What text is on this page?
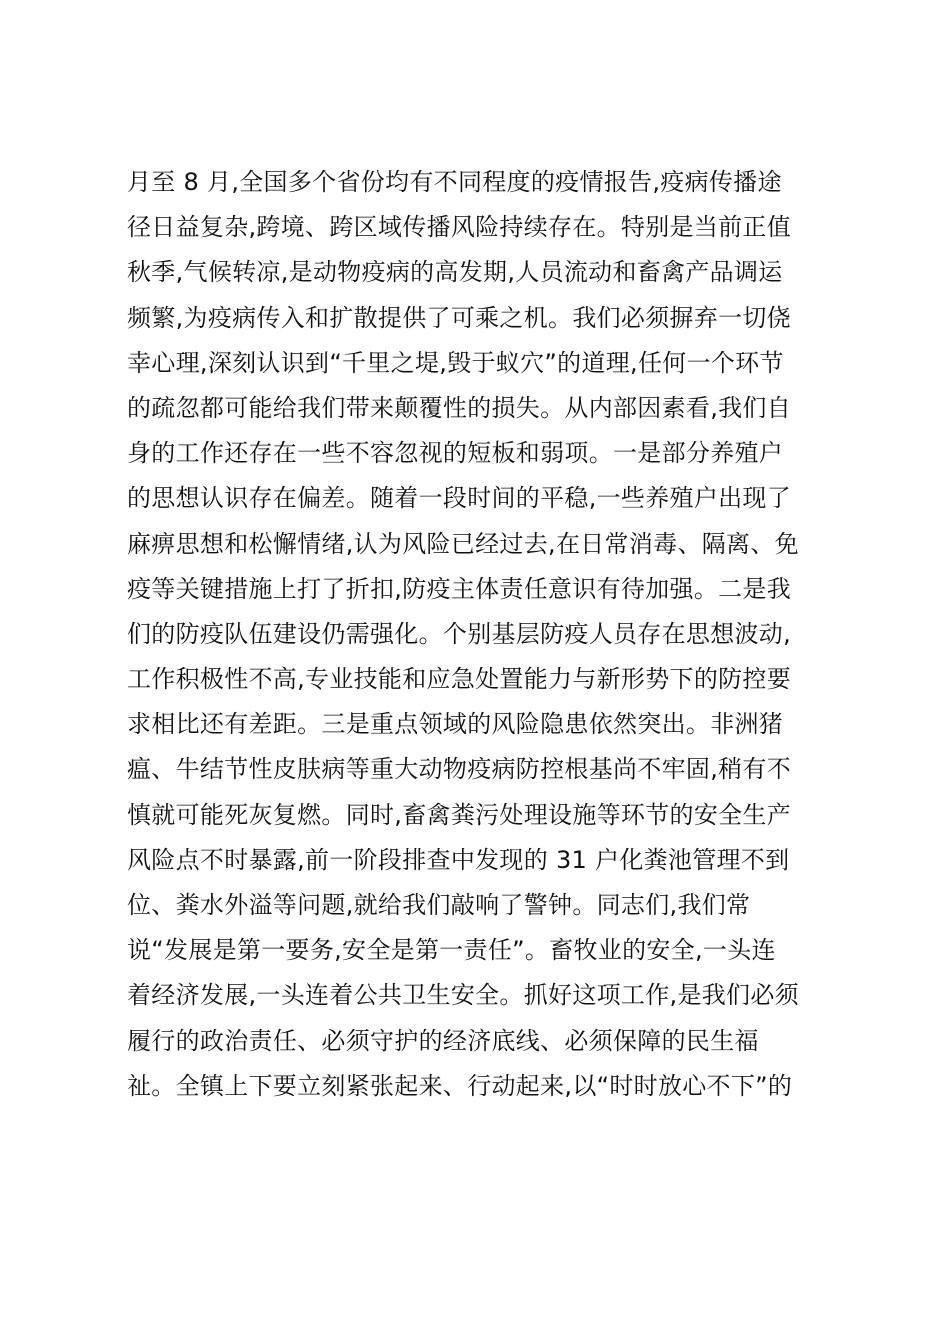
月至 8 月,全国多个省份均有不同程度的疫情报告,疫病传播途
径日益复杂,跨境、跨区域传播风险持续存在。特别是当前正值
秋季,气候转凉,是动物疫病的高发期,人员流动和畜禽产品调运
频繁,为疫病传入和扩散提供了可乘之机。我们必须摒弃一切侥
幸心理,深刻认识到“千里之堤,毁于蚁穴”的道理,任何一个环节
的疏忽都可能给我们带来颠覆性的损失。从内部因素看,我们自
身的工作还存在一些不容忽视的短板和弱项。一是部分养殖户
的思想认识存在偏差。随着一段时间的平稳,一些养殖户出现了
麻痹思想和松懈情绪,认为风险已经过去,在日常消毒、隔离、免
疫等关键措施上打了折扣,防疫主体责任意识有待加强。二是我
们的防疫队伍建设仍需强化。个别基层防疫人员存在思想波动,
工作积极性不高,专业技能和应急处置能力与新形势下的防控要
求相比还有差距。三是重点领域的风险隐患依然突出。非洲猪
瘟、牛结节性皮肤病等重大动物疫病防控根基尚不牢固,稍有不
慎就可能死灰复燃。同时,畜禽粪污处理设施等环节的安全生产
风险点不时暴露,前一阶段排查中发现的 31 户化粪池管理不到
位、粪水外溢等问题,就给我们敲响了警钟。同志们,我们常
说“发展是第一要务,安全是第一责任”。畜牧业的安全,一头连
着经济发展,一头连着公共卫生安全。抓好这项工作,是我们必须
履行的政治责任、必须守护的经济底线、必须保障的民生福
祉。全镇上下要立刻紧张起来、行动起来,以“时时放心不下”的
